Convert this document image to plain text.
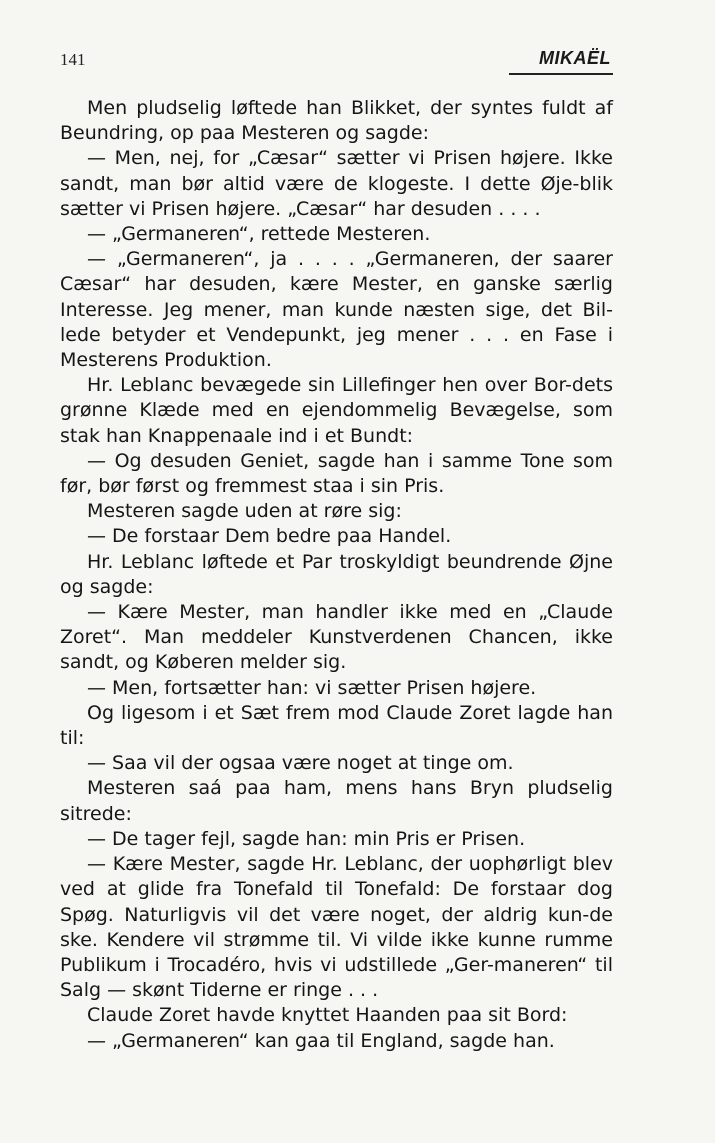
141	MIKAËL

Men pludselig løftede han Blikket, der syntes fuldt af Beundring, op paa Mesteren og sagde:

— Men, nej, for „Cæsar“ sætter vi Prisen højere. Ikke sandt, man bør altid være de klogeste. I dette Øje-blik sætter vi Prisen højere. „Cæsar“ har desuden . . . .

— „Germaneren“, rettede Mesteren.

— „Germaneren“, ja . . . . „Germaneren, der saarer Cæsar“ har desuden, kære Mester, en ganske særlig Interesse. Jeg mener, man kunde næsten sige, det Bil-lede betyder et Vendepunkt, jeg mener . . . en Fase i Mesterens Produktion.

Hr. Leblanc bevægede sin Lillefinger hen over Bor-dets grønne Klæde med en ejendommelig Bevægelse, som stak han Knappenaale ind i et Bundt:

— Og desuden Geniet, sagde han i samme Tone som før, bør først og fremmest staa i sin Pris.

Mesteren sagde uden at røre sig:

— De forstaar Dem bedre paa Handel.

Hr. Leblanc løftede et Par troskyldigt beundrende Øjne og sagde:

— Kære Mester, man handler ikke med en „Claude Zoret“. Man meddeler Kunstverdenen Chancen, ikke sandt, og Køberen melder sig.

— Men, fortsætter han: vi sætter Prisen højere.

Og ligesom i et Sæt frem mod Claude Zoret lagde han til:

— Saa vil der ogsaa være noget at tinge om.

Mesteren saá paa ham, mens hans Bryn pludselig sitrede:

— De tager fejl, sagde han: min Pris er Prisen.

— Kære Mester, sagde Hr. Leblanc, der uophørligt blev ved at glide fra Tonefald til Tonefald: De forstaar dog Spøg. Naturligvis vil det være noget, der aldrig kun-de ske. Kendere vil strømme til. Vi vilde ikke kunne rumme Publikum i Trocadéro, hvis vi udstillede „Ger-maneren“ til Salg — skønt Tiderne er ringe . . .

Claude Zoret havde knyttet Haanden paa sit Bord:

— „Germaneren“ kan gaa til England, sagde han.
